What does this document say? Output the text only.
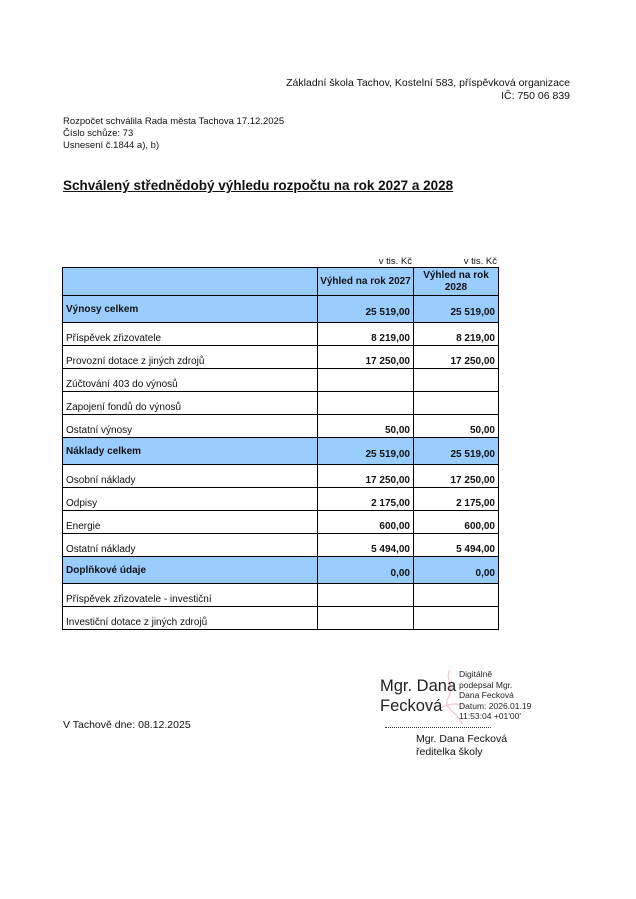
Základní škola Tachov, Kostelní 583, příspěvková organizace
IČ: 750 06 839
Rozpočet schválila Rada města Tachova 17.12.2025
Číslo schůze: 73
Usnesení č.1844 a), b)
Schválený střednědobý výhledu rozpočtu na rok 2027 a 2028
v tis. Kč	v tis. Kč
	Výhled na rok 2027	Výhled na rok 2028
Výnosy celkem	25 519,00	25 519,00
Příspěvek zřizovatele	8 219,00	8 219,00
Provozní dotace z jiných zdrojů	17 250,00	17 250,00
Zúčtování 403 do výnosů		
Zapojení fondů do výnosů		
Ostatní výnosy	50,00	50,00
Náklady celkem	25 519,00	25 519,00
Osobní náklady	17 250,00	17 250,00
Odpisy	2 175,00	2 175,00
Energie	600,00	600,00
Ostatní náklady	5 494,00	5 494,00
Doplňkové údaje	0,00	0,00
Příspěvek zřizovatele - investiční		
Investiční dotace z jiných zdrojů		
V Tachově dne: 08.12.2025
Mgr. Dana
Fecková
Digitálně
podepsal Mgr.
Dana Fecková
Datum: 2026.01.19
11:53:04 +01'00'
Mgr. Dana Fecková
ředitelka školy
